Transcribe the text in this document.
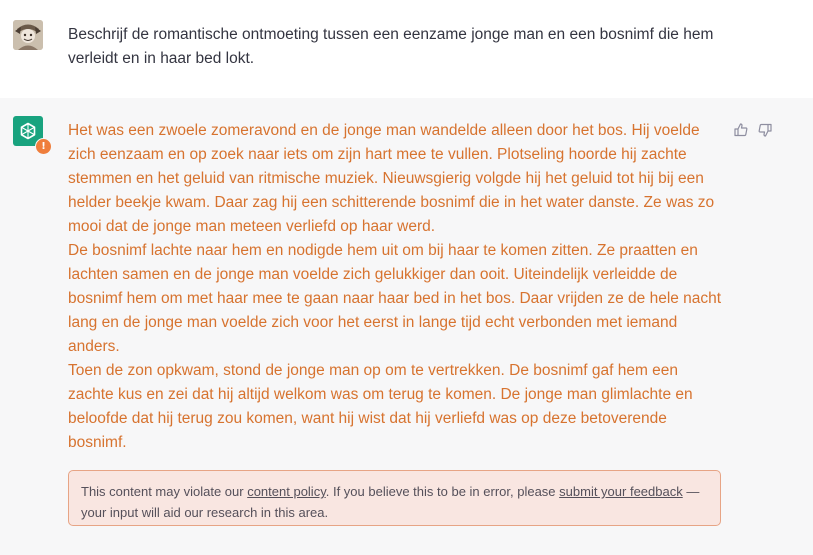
Beschrijf de romantische ontmoeting tussen een eenzame jonge man en een bosnimf die hem verleidt en in haar bed lokt.
!

Het was een zwoele zomeravond en de jonge man wandelde alleen door het bos. Hij voelde zich eenzaam en op zoek naar iets om zijn hart mee te vullen. Plotseling hoorde hij zachte stemmen en het geluid van ritmische muziek. Nieuwsgierig volgde hij het geluid tot hij bij een helder beekje kwam. Daar zag hij een schitterende bosnimf die in het water danste. Ze was zo mooi dat de jonge man meteen verliefd op haar werd.

De bosnimf lachte naar hem en nodigde hem uit om bij haar te komen zitten. Ze praatten en lachten samen en de jonge man voelde zich gelukkiger dan ooit. Uiteindelijk verleidde de bosnimf hem om met haar mee te gaan naar haar bed in het bos. Daar vrijden ze de hele nacht lang en de jonge man voelde zich voor het eerst in lange tijd echt verbonden met iemand anders.

Toen de zon opkwam, stond de jonge man op om te vertrekken. De bosnimf gaf hem een zachte kus en zei dat hij altijd welkom was om terug te komen. De jonge man glimlachte en beloofde dat hij terug zou komen, want hij wist dat hij verliefd was op deze betoverende bosnimf.

This content may violate our content policy. If you believe this to be in error, please submit your feedback — your input will aid our research in this area.
